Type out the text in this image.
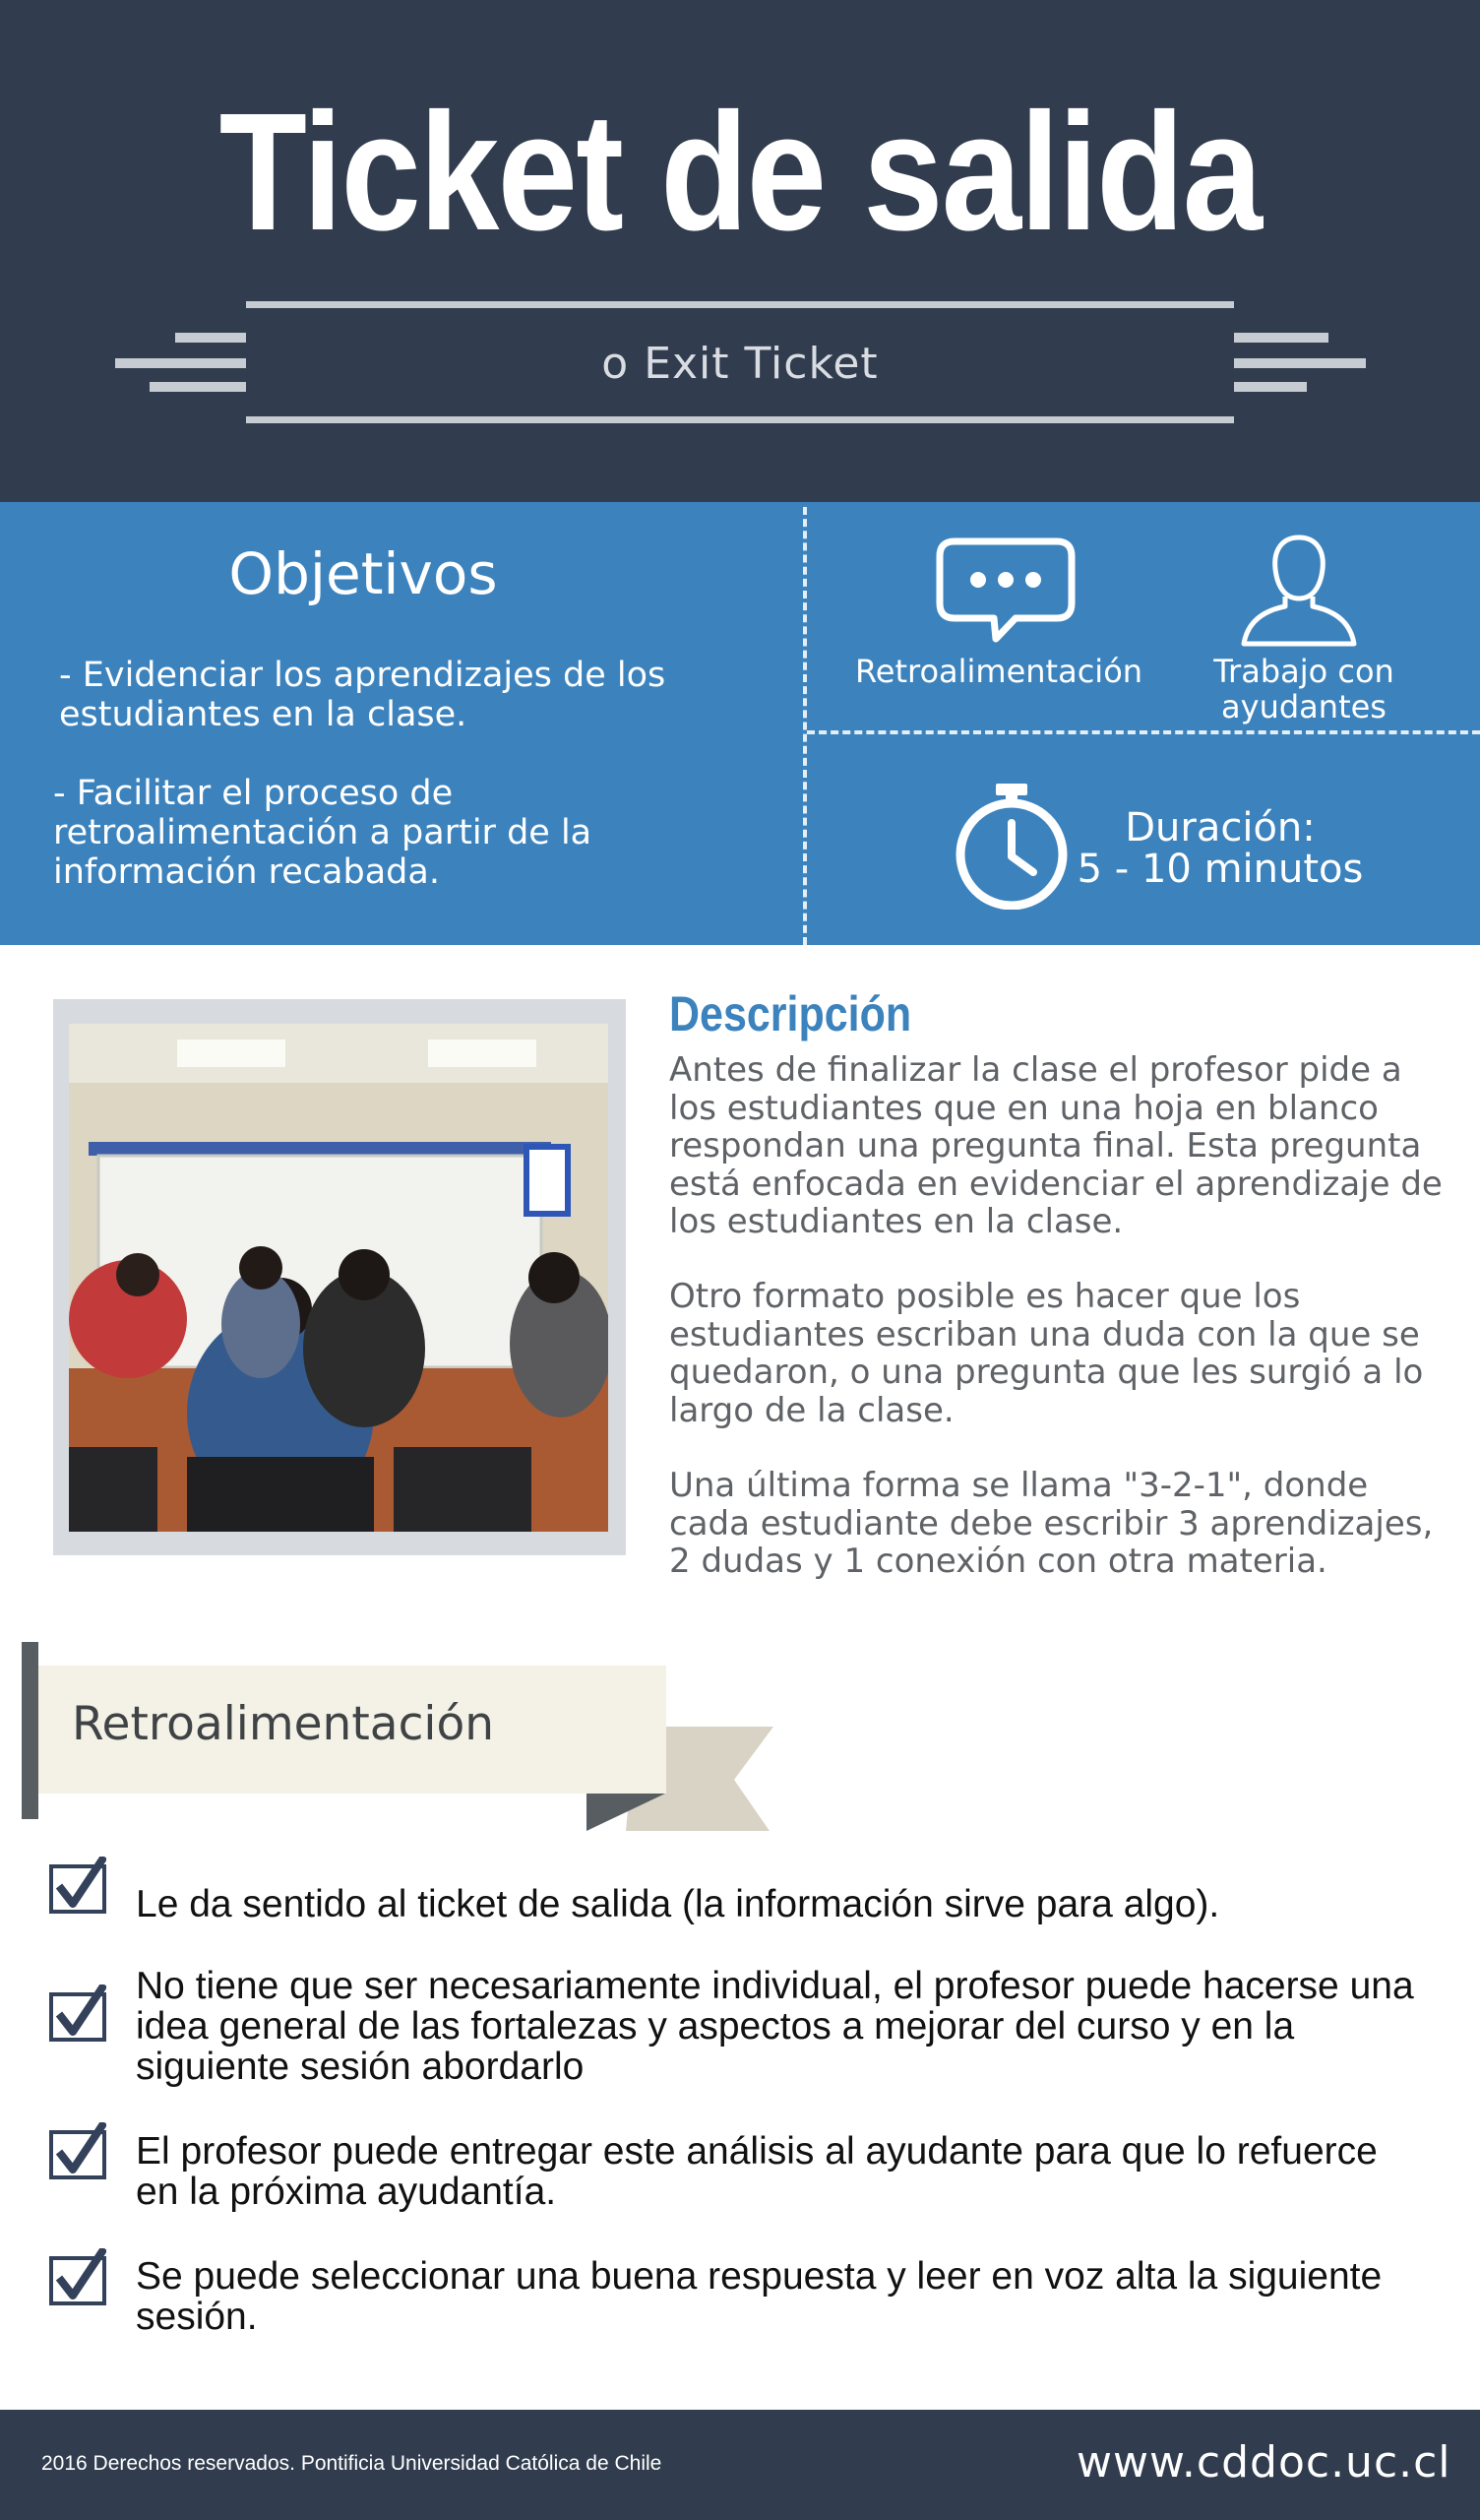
Ticket de salida
o Exit Ticket
Objetivos
- Evidenciar los aprendizajes de los estudiantes en la clase.
- Facilitar el proceso de retroalimentación a partir de la información recabada.
Retroalimentación	Trabajo con ayudantes
Duración:
5 - 10 minutos
Descripción
Antes de finalizar la clase el profesor pide a los estudiantes que en una hoja en blanco respondan una pregunta final. Esta pregunta está enfocada en evidenciar el aprendizaje de los estudiantes en la clase.
Otro formato posible es hacer que los estudiantes escriban una duda con la que se quedaron, o una pregunta que les surgió a lo largo de la clase.
Una última forma se llama "3-2-1", donde cada estudiante debe escribir 3 aprendizajes, 2 dudas y 1 conexión con otra materia.
Retroalimentación
Le da sentido al ticket de salida (la información sirve para algo).
No tiene que ser necesariamente individual, el profesor puede hacerse una idea general de las fortalezas y aspectos a mejorar del curso y en la siguiente sesión abordarlo
El profesor puede entregar este análisis al ayudante para que lo refuerce en la próxima ayudantía.
Se puede seleccionar una buena respuesta y leer en voz alta la siguiente sesión.
2016 Derechos reservados. Pontificia Universidad Católica de Chile	www.cddoc.uc.cl
